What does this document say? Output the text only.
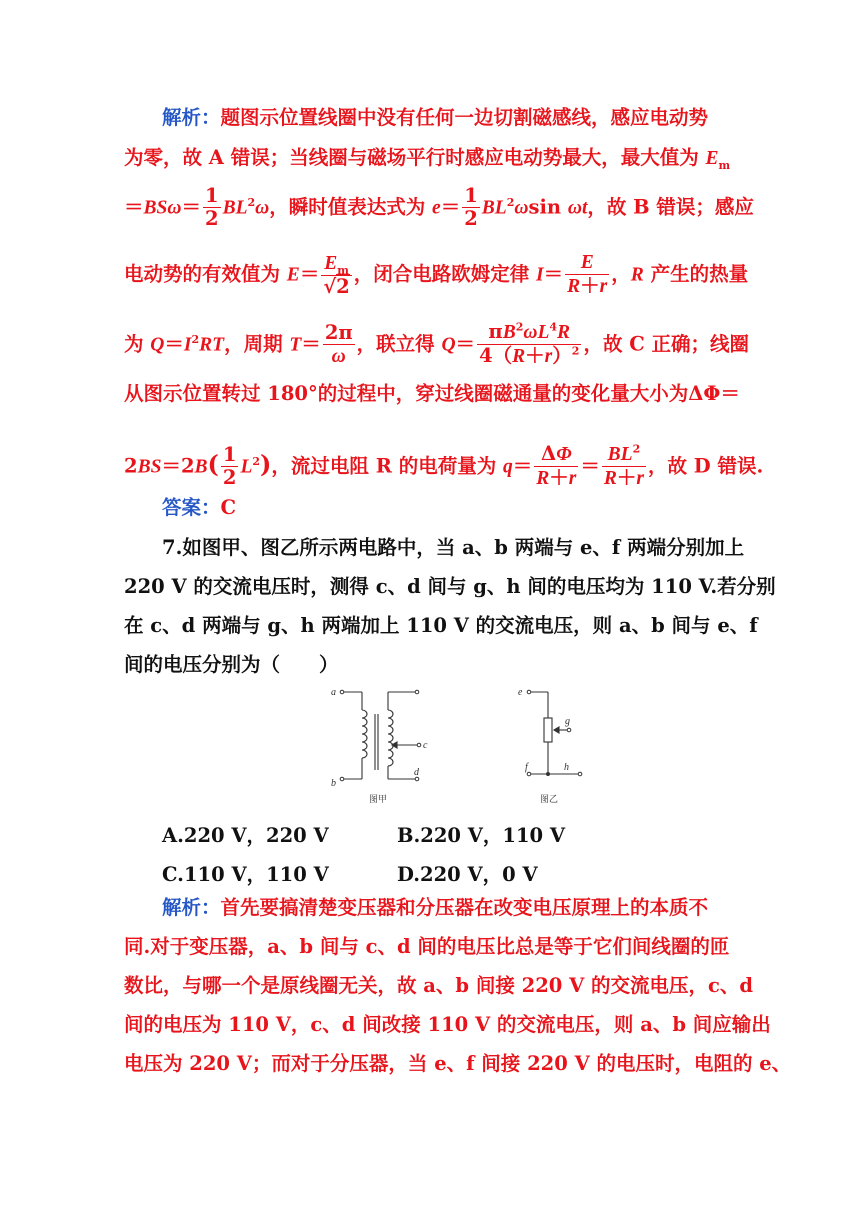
解析：题图示位置线圈中没有任何一边切割磁感线，感应电动势
为零，故 A 错误；当线圈与磁场平行时感应电动势最大，最大值为 $E_m$
$=BS\omega= \frac{1}{2} BL^2\omega$，瞬时值表达式为 $e= \frac{1}{2} BL^2\omega\sin$ ωt，故 B 错误；感应
电动势的有效值为 $E= \frac{E_m}{√2}$ ，闭合电路欧姆定律 $I= \frac{E}{R+r}$ ，R 产生的热量
为 $Q=I^2RT$，周期 $T= \frac{2\pi}{\omega}$ ，联立得 $Q= \frac{\pi B^2\omega L^4R}{4(R+r)^2}$ ，故 C 正确；线圈
从图示位置转过 180°的过程中，穿过线圈磁通量的变化量大小为ΔΦ＝
$2BS=2B( \frac{1}{2} L^2)$，流过电阻 R 的电荷量为 $q= \frac{\Delta\Phi}{R+r} = \frac{BL^2}{R+r}$ ，故 D 错误.
答案：C
7.如图甲、图乙所示两电路中，当 a、b 两端与 e、f 两端分别加上
220 V 的交流电压时，测得 c、d 间与 g、h 间的电压均为 110 V.若分别
在 c、d 两端与 g、h 两端加上 110 V 的交流电压，则 a、b 间与 e、f
间的电压分别为（　　）
a
b
c
d
图甲
e
f
g
h
图乙
A.220 V，220 V	B.220 V，110 V
C.110 V，110 V	D.220 V，0 V
解析：首先要搞清楚变压器和分压器在改变电压原理上的本质不
同.对于变压器，a、b 间与 c、d 间的电压比总是等于它们间线圈的匝
数比，与哪一个是原线圈无关，故 a、b 间接 220 V 的交流电压，c、d
间的电压为 110 V，c、d 间改接 110 V 的交流电压，则 a、b 间应输出
电压为 220 V；而对于分压器，当 e、f 间接 220 V 的电压时，电阻的 e、
